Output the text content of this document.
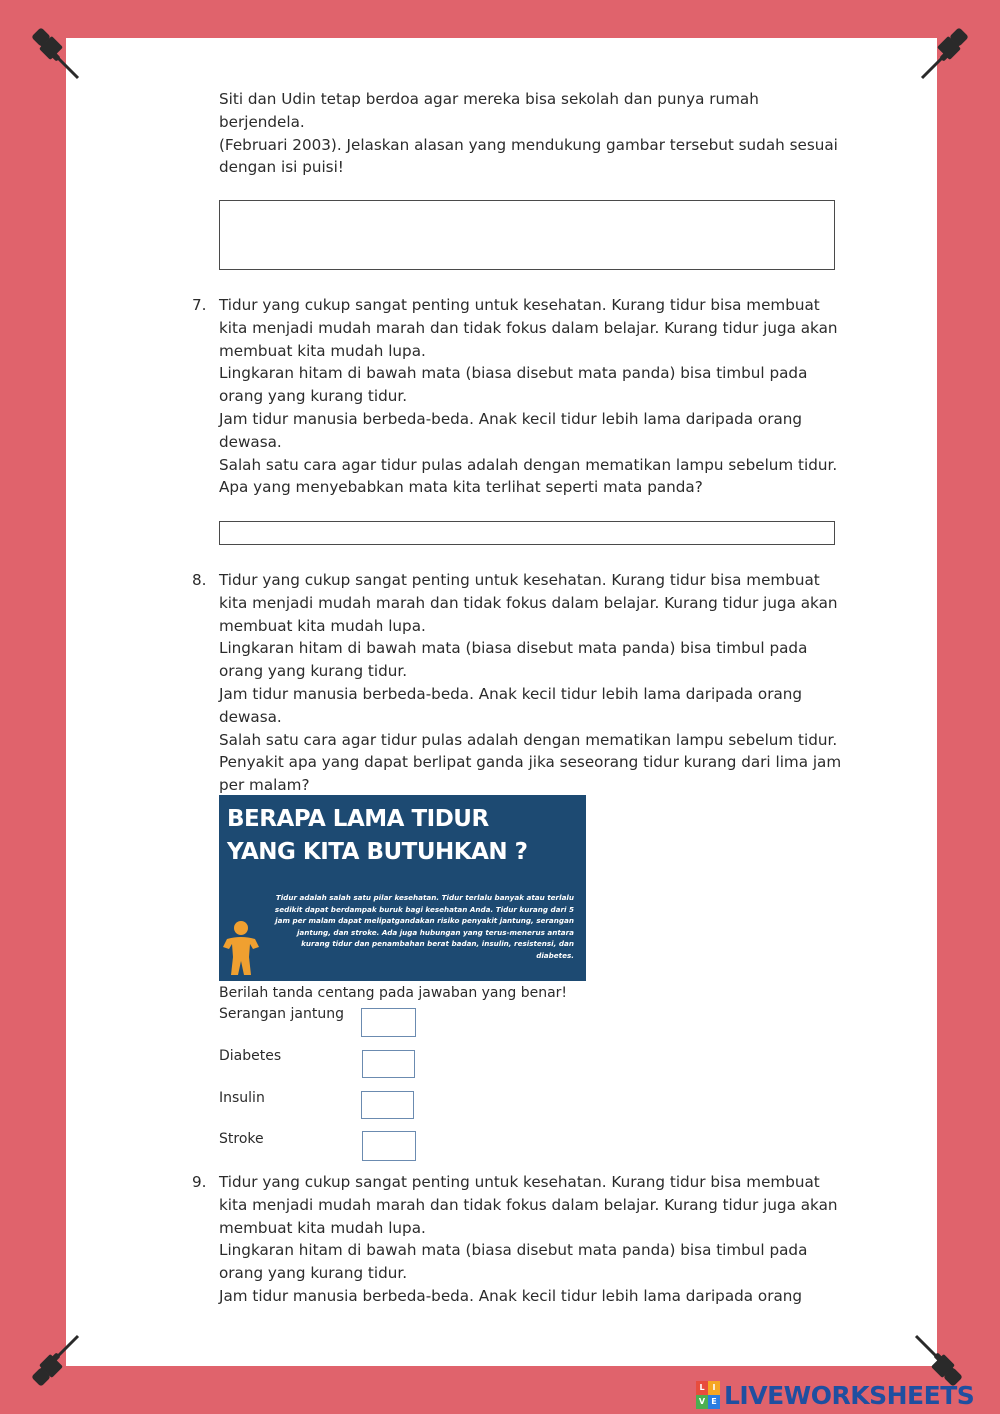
Siti dan Udin tetap berdoa agar mereka bisa sekolah dan punya rumah
berjendela.
(Februari 2003). Jelaskan alasan yang mendukung gambar tersebut sudah sesuai
dengan isi puisi!
7. Tidur yang cukup sangat penting untuk kesehatan. Kurang tidur bisa membuat
kita menjadi mudah marah dan tidak fokus dalam belajar. Kurang tidur juga akan
membuat kita mudah lupa.
Lingkaran hitam di bawah mata (biasa disebut mata panda) bisa timbul pada
orang yang kurang tidur.
Jam tidur manusia berbeda-beda. Anak kecil tidur lebih lama daripada orang
dewasa.
Salah satu cara agar tidur pulas adalah dengan mematikan lampu sebelum tidur.
Apa yang menyebabkan mata kita terlihat seperti mata panda?
8. Tidur yang cukup sangat penting untuk kesehatan. Kurang tidur bisa membuat
kita menjadi mudah marah dan tidak fokus dalam belajar. Kurang tidur juga akan
membuat kita mudah lupa.
Lingkaran hitam di bawah mata (biasa disebut mata panda) bisa timbul pada
orang yang kurang tidur.
Jam tidur manusia berbeda-beda. Anak kecil tidur lebih lama daripada orang
dewasa.
Salah satu cara agar tidur pulas adalah dengan mematikan lampu sebelum tidur.
Penyakit apa yang dapat berlipat ganda jika seseorang tidur kurang dari lima jam
per malam?
BERAPA LAMA TIDUR
YANG KITA BUTUHKAN ?
Tidur adalah salah satu pilar kesehatan. Tidur terlalu banyak atau terlalu sedikit dapat berdampak buruk bagi kesehatan Anda. Tidur kurang dari 5 jam per malam dapat melipatgandakan risiko penyakit jantung, serangan jantung, dan stroke. Ada juga hubungan yang terus-menerus antara kurang tidur dan penambahan berat badan, insulin, resistensi, dan diabetes.
Berilah tanda centang pada jawaban yang benar!
Serangan jantung
Diabetes
Insulin
Stroke
9. Tidur yang cukup sangat penting untuk kesehatan. Kurang tidur bisa membuat
kita menjadi mudah marah dan tidak fokus dalam belajar. Kurang tidur juga akan
membuat kita mudah lupa.
Lingkaran hitam di bawah mata (biasa disebut mata panda) bisa timbul pada
orang yang kurang tidur.
Jam tidur manusia berbeda-beda. Anak kecil tidur lebih lama daripada orang
L I
V E LIVEWORKSHEETS
